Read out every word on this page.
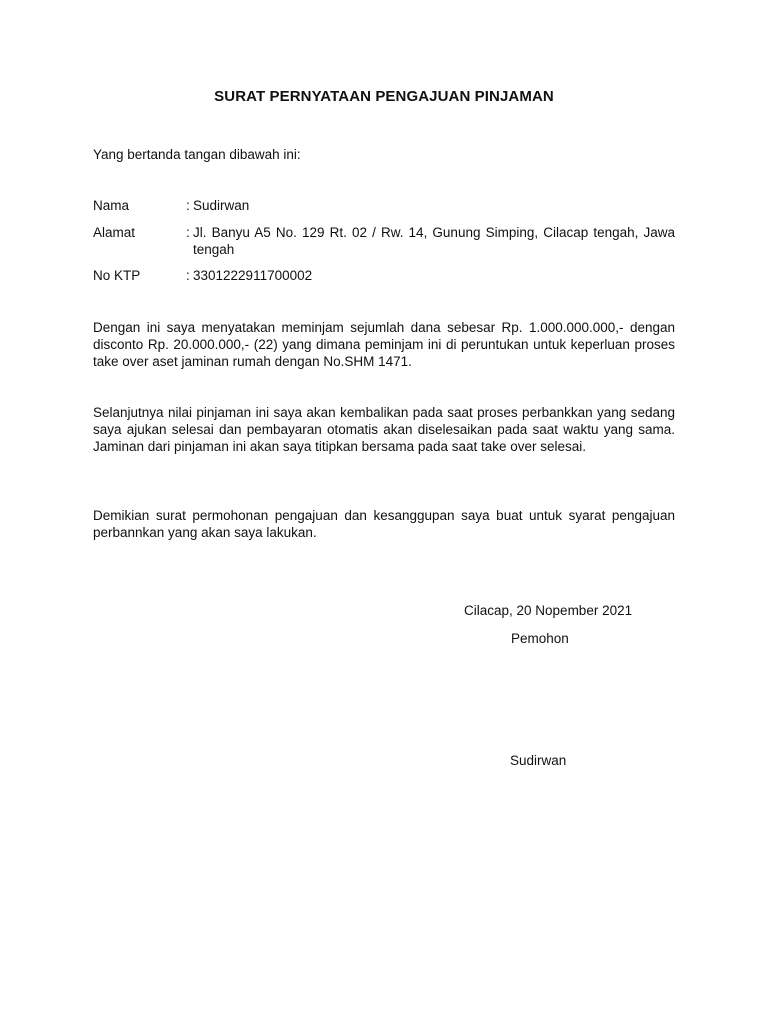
SURAT PERNYATAAN PENGAJUAN PINJAMAN
Yang bertanda tangan dibawah ini:
Nama	: Sudirwan
Alamat	: Jl. Banyu A5 No. 129 Rt. 02 / Rw. 14, Gunung Simping, Cilacap tengah, Jawa tengah
No KTP	: 3301222911700002
Dengan ini saya menyatakan meminjam sejumlah dana sebesar Rp. 1.000.000.000,- dengan disconto Rp. 20.000.000,- (22) yang dimana peminjam ini di peruntukan untuk keperluan proses take over aset jaminan rumah dengan No.SHM 1471.
Selanjutnya nilai pinjaman ini saya akan kembalikan pada saat proses perbankkan yang sedang saya ajukan selesai dan pembayaran otomatis akan diselesaikan pada saat waktu yang sama. Jaminan dari pinjaman ini akan saya titipkan bersama pada saat take over selesai.
Demikian surat permohonan pengajuan dan kesanggupan saya buat untuk syarat pengajuan perbannkan yang akan saya lakukan.
Cilacap, 20 Nopember 2021
Pemohon
Sudirwan
